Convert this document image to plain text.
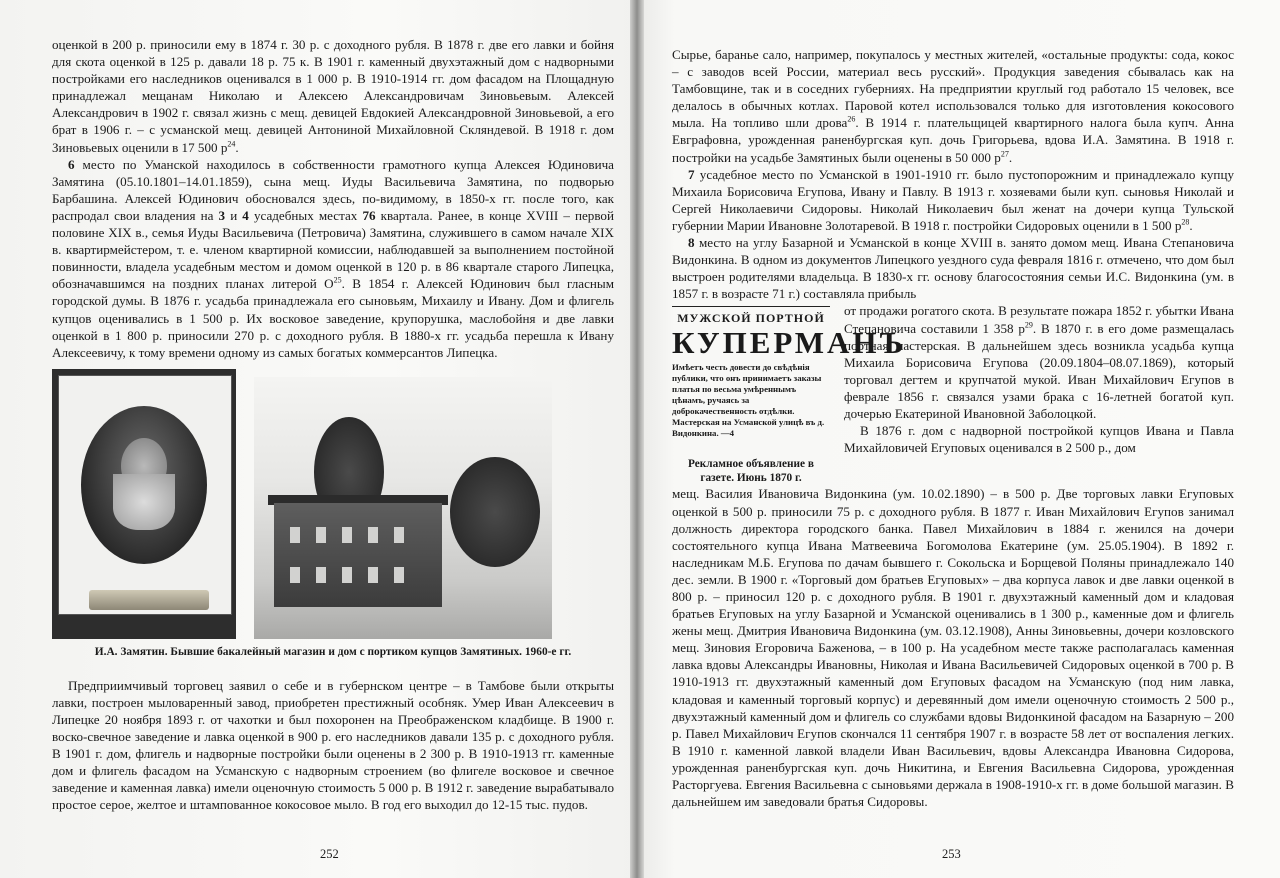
оценкой в 200 р. приносили ему в 1874 г. 30 р. с доходного рубля. В 1878 г. две его лавки и бойня для скота оценкой в 125 р. давали 18 р. 75 к. В 1901 г. каменный двухэтажный дом с надворными постройками его наследников оценивался в 1 000 р. В 1910-1914 гг. дом фасадом на Площадную принадлежал мещанам Николаю и Алексею Александровичам Зиновьевым. Алексей Александрович в 1902 г. связал жизнь с мещ. девицей Евдокией Александровной Зиновьевой, а его брат в 1906 г. – с усманской мещ. девицей Антониной Михайловной Скляндевой. В 1918 г. дом Зиновьевых оценили в 17 500 $р^{24}$.

6 место по Уманской находилось в собственности грамотного купца Алексея Юдиновича Замятина (05.10.1801–14.01.1859), сына мещ. Иуды Васильевича Замятина, по подворью Барбашина. Алексей Юдинович обосновался здесь, по-видимому, в 1850-х гг. после того, как распродал свои владения на 3 и 4 усадебных местах 76 квартала. Ранее, в конце XVIII – первой половине XIX в., семья Иуды Васильевича (Петровича) Замятина, служившего в самом начале XIX в. квартирмейстером, т. е. членом квартирной комиссии, наблюдавшей за выполнением постойной повинности, владела усадебным местом и домом оценкой в 120 р. в 86 квартале старого Липецка, обозначавшимся на поздних планах литерой $O^{25}$. В 1854 г. Алексей Юдинович был гласным городской думы. В 1876 г. усадьба принадлежала его сыновьям, Михаилу и Ивану. Дом и флигель купцов оценивались в 1 500 р. Их восковое заведение, крупорушка, маслобойня и две лавки оценкой в 1 800 р. приносили 270 р. с доходного рубля. В 1880-х гг. усадьба перешла к Ивану Алексеевичу, к тому времени одному из самых богатых коммерсантов Липецка.

И.А. Замятин. Бывшие бакалейный магазин и дом с портиком купцов Замятиных. 1960-е гг.

Предприимчивый торговец заявил о себе и в губернском центре – в Тамбове были открыты лавки, построен мыловаренный завод, приобретен престижный особняк. Умер Иван Алексеевич в Липецке 20 ноября 1893 г. от чахотки и был похоронен на Преображенском кладбище. В 1900 г. воско-свечное заведение и лавка оценкой в 900 р. его наследников давали 135 р. с доходного рубля. В 1901 г. дом, флигель и надворные постройки были оценены в 2 300 р. В 1910-1913 гг. каменные дом и флигель фасадом на Усманскую с надворным строением (во флигеле восковое и свечное заведение и каменная лавка) имели оценочную стоимость 5 000 р. В 1912 г. заведение вырабатывало простое серое, желтое и штампованное кокосовое мыло. В год его выходил до 12-15 тыс. пудов.

252

Сырье, баранье сало, например, покупалось у местных жителей, «остальные продукты: сода, кокос – с заводов всей России, материал весь русский». Продукция заведения сбывалась как на Тамбовщине, так и в соседних губерниях. На предприятии круглый год работало 15 человек, все делалось в обычных котлах. Паровой котел использовался только для изготовления кокосового мыла. На топливо шли дрова$^{26}$. В 1914 г. плательщицей квартирного налога была купч. Анна Евграфовна, урожденная раненбургская куп. дочь Григорьева, вдова И.А. Замятина. В 1918 г. постройки на усадьбе Замятиных были оценены в 50 000 $р^{27}$.

7 усадебное место по Усманской в 1901-1910 гг. было пустопорожним и принадлежало купцу Михаила Борисовича Егупова, Ивану и Павлу. В 1913 г. хозяевами были куп. сыновья Николай и Сергей Николаевичи Сидоровы. Николай Николаевич был женат на дочери купца Тульской губернии Марии Ивановне Золотаревой. В 1918 г. постройки Сидоровых оценили в 1 500 $р^{28}$.

8 место на углу Базарной и Усманской в конце XVIII в. занято домом мещ. Ивана Степановича Видонкина. В одном из документов Липецкого уездного суда февраля 1816 г. отмечено, что дом был выстроен родителями владельца. В 1830-х гг. основу благосостояния семьи И.С. Видонкина (ум. в 1857 г. в возрасте 71 г.) составляла прибыль

МУЖСКОЙ ПОРТНОЙ
КУПЕРМАНЪ
Имѣетъ честь довести до свѣдѣнія публики, что онъ принимаетъ заказы платья по весьма умѣреннымъ цѣнамъ, ручаясь за доброкачественность отдѣлки. Мастерская на Усманской улицѣ въ д. Видонкина. —4
Рекламное объявление в газете. Июнь 1870 г.

от продажи рогатого скота. В результате пожара 1852 г. убытки Ивана Степановича составили 1 358 $р^{29}$. В 1870 г. в его доме размещалась портная мастерская. В дальнейшем здесь возникла усадьба купца Михаила Борисовича Егупова (20.09.1804–08.07.1869), который торговал дегтем и крупчатой мукой. Иван Михайлович Егупов в феврале 1856 г. связался узами брака с 16-летней богатой куп. дочерью Екатериной Ивановной Заболоцкой.

В 1876 г. дом с надворной постройкой купцов Ивана и Павла Михайловичей Егуповых оценивался в 2 500 р., дом

мещ. Василия Ивановича Видонкина (ум. 10.02.1890) – в 500 р. Две торговых лавки Егуповых оценкой в 500 р. приносили 75 р. с доходного рубля. В 1877 г. Иван Михайлович Егупов занимал должность директора городского банка. Павел Михайлович в 1884 г. женился на дочери состоятельного купца Ивана Матвеевича Богомолова Екатерине (ум. 25.05.1904). В 1892 г. наследникам М.Б. Егупова по дачам бывшего г. Сокольска и Борщевой Поляны принадлежало 140 дес. земли. В 1900 г. «Торговый дом братьев Егуповых» – два корпуса лавок и две лавки оценкой в 800 р. – приносил 120 р. с доходного рубля. В 1901 г. двухэтажный каменный дом и кладовая братьев Егуповых на углу Базарной и Усманской оценивались в 1 300 р., каменные дом и флигель жены мещ. Дмитрия Ивановича Видонкина (ум. 03.12.1908), Анны Зиновьевны, дочери козловского мещ. Зиновия Егоровича Баженова, – в 100 р. На усадебном месте также располагалась каменная лавка вдовы Александры Ивановны, Николая и Ивана Васильевичей Сидоровых оценкой в 700 р. В 1910-1913 гг. двухэтажный каменный дом Егуповых фасадом на Усманскую (под ним лавка, кладовая и каменный торговый корпус) и деревянный дом имели оценочную стоимость 2 500 р., двухэтажный каменный дом и флигель со службами вдовы Видонкиной фасадом на Базарную – 200 р. Павел Михайлович Егупов скончался 11 сентября 1907 г. в возрасте 58 лет от воспаления легких. В 1910 г. каменной лавкой владели Иван Васильевич, вдовы Александра Ивановна Сидорова, урожденная раненбургская куп. дочь Никитина, и Евгения Васильевна Сидорова, урожденная Расторгуева. Евгения Васильевна с сыновьями держала в 1908-1910-х гг. в доме большой магазин. В дальнейшем им заведовали братья Сидоровы.

253
